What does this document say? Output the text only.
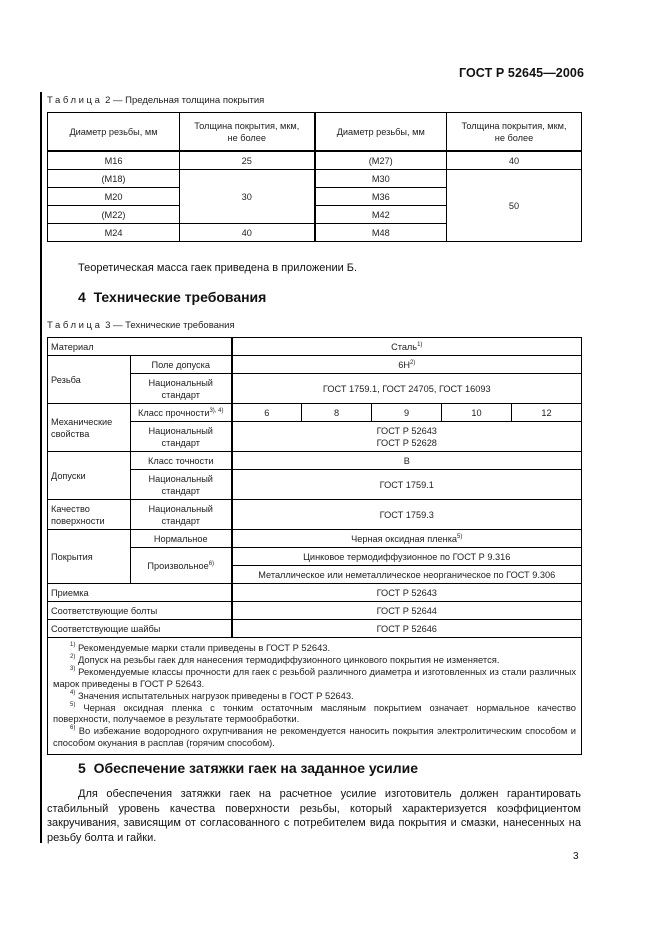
ГОСТ Р 52645—2006
Таблица 2 — Предельная толщина покрытия
Диаметр резьбы, мм	Толщина покрытия, мкм, не более	Диаметр резьбы, мм	Толщина покрытия, мкм, не более
М16	25	(М27)	40
(М18)	30	М30	50
М20		М36	
(М22)		М42	
М24	40	М48	
Теоретическая масса гаек приведена в приложении Б.
4 Технические требования
Таблица 3 — Технические требования
Материал		Сталь$^{1)}$
Резьба	Поле допуска	$6Н^{2)}$
	Национальный стандарт	ГОСТ 1759.1, ГОСТ 24705, ГОСТ 16093				
Механические свойства	Класс прочности$^{3), 4)}$	6	8	9	10	12
	Национальный стандарт	ГОСТ Р 52643
ГОСТ Р 52628				

Допуски	Класс точности	В				
	Национальный стандарт	ГОСТ 1759.1				
Качество поверхности	Национальный стандарт	ГОСТ 1759.3				
Покрытия	Нормальное	Черная оксидная пленка$^{5)}$
	Произвольное$^{6)}$	Цинковое термодиффузионное по ГОСТ Р 9.316				
		Металлическое или неметаллическое неорганическое по ГОСТ 9.306				
Приемка		ГОСТ Р 52643				
Соответствующие болты		ГОСТ Р 52644				
Соответствующие шайбы		ГОСТ Р 52646				

$^{1)}$ Рекомендуемые марки стали приведены в ГОСТ Р 52643.

$^{2)}$ Допуск на резьбы гаек для нанесения термодиффузионного цинкового покрытия не изменяется.

$^{3)}$ Рекомендуемые классы прочности для гаек с резьбой различного диаметра и изготовленных из стали различных марок приведены в ГОСТ Р 52643.

$^{4)}$ Значения испытательных нагрузок приведены в ГОСТ Р 52643.

$^{5)}$ Черная оксидная пленка с тонким остаточным масляным покрытием означает нормальное качество поверхности, получаемое в результате термообработки.

$^{6)}$ Во избежание водородного охрупчивания не рекомендуется наносить покрытия электролитическим способом и способом окунания в расплав (горячим способом).

5 Обеспечение затяжки гаек на заданное усилие
Для обеспечения затяжки гаек на расчетное усилие изготовитель должен гарантировать стабильный уровень качества поверхности резьбы, который характеризуется коэффициентом закручивания, зависящим от согласованного с потребителем вида покрытия и смазки, нанесенных на резьбу болта и гайки.
3
